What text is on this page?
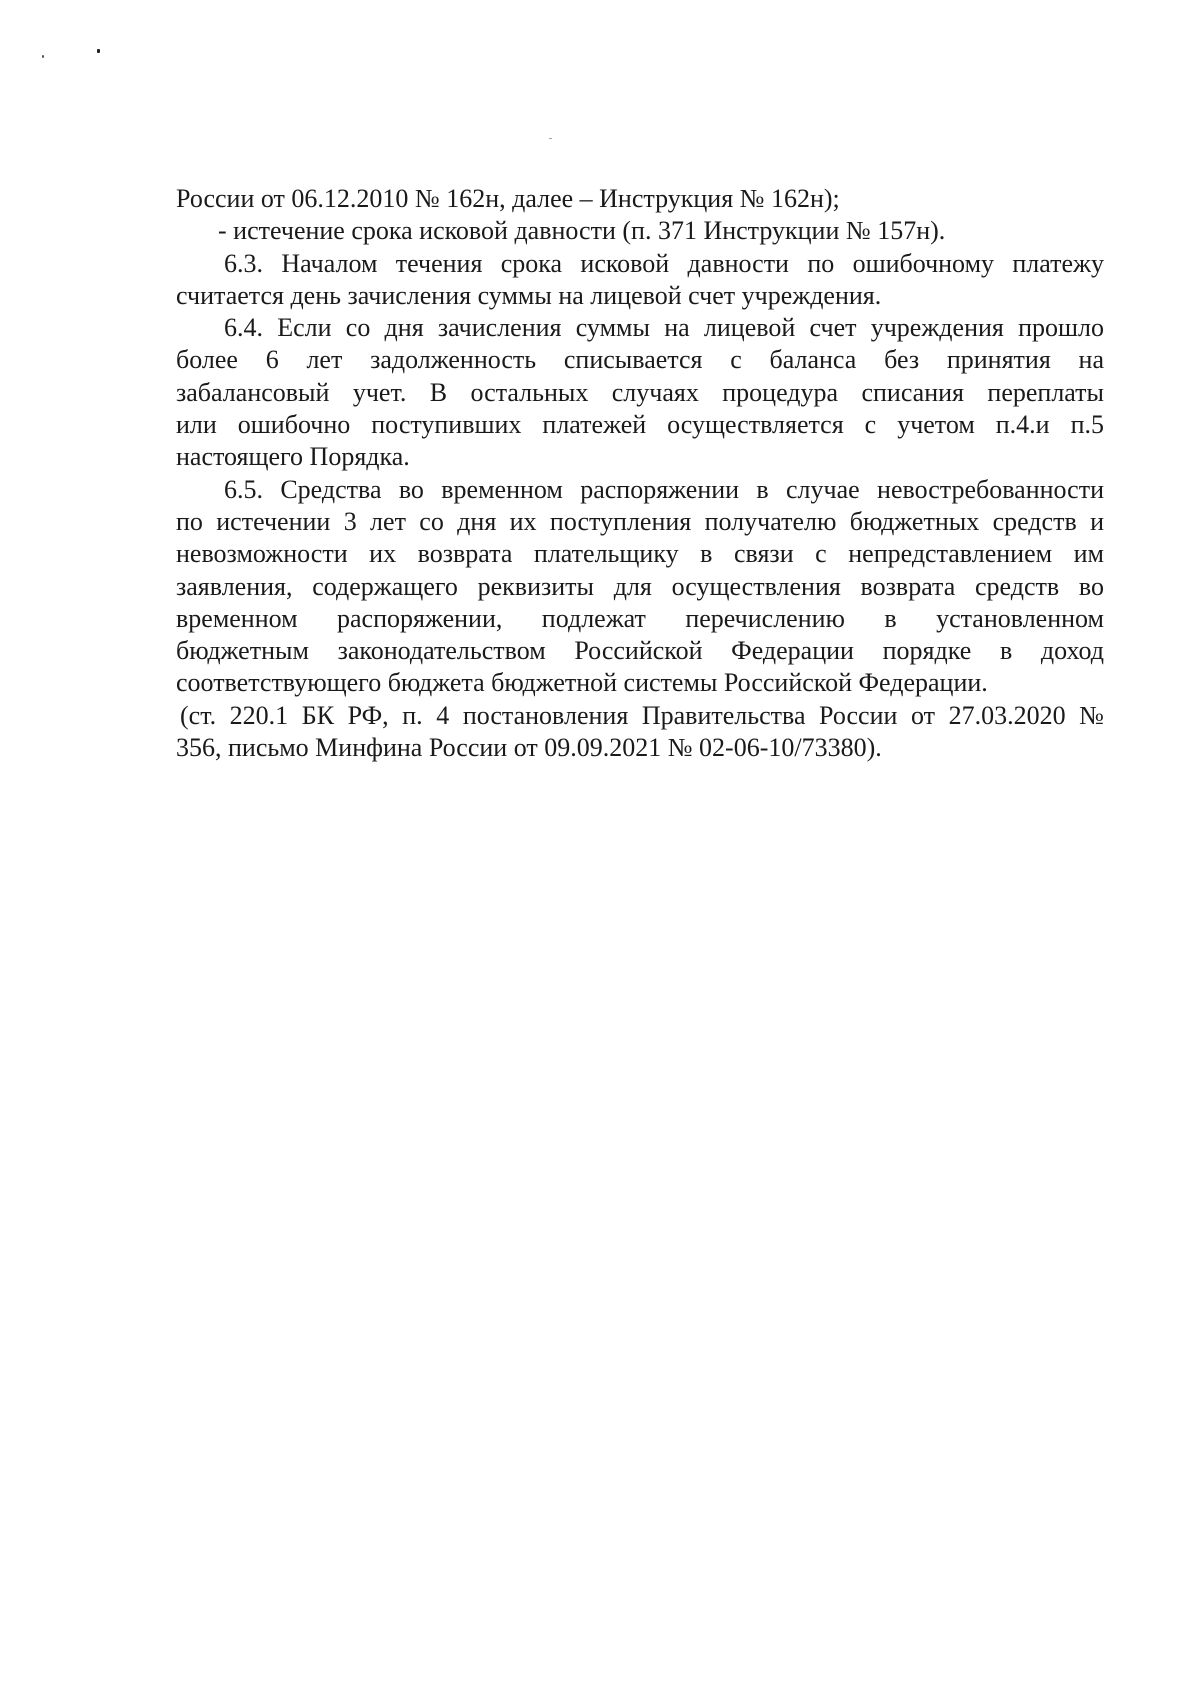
России от 06.12.2010 № 162н, далее – Инструкция № 162н);
- истечение срока исковой давности (п. 371 Инструкции № 157н).
6.3. Началом течения срока исковой давности по ошибочному платежу
считается день зачисления суммы на лицевой счет учреждения.
6.4. Если со дня зачисления суммы на лицевой счет учреждения прошло
более 6 лет задолженность списывается с баланса без принятия на
забалансовый учет. В остальных случаях процедура списания переплаты
или ошибочно поступивших платежей осуществляется с учетом п.4.и п.5
настоящего Порядка.
6.5. Средства во временном распоряжении в случае невостребованности
по истечении 3 лет со дня их поступления получателю бюджетных средств и
невозможности их возврата плательщику в связи с непредставлением им
заявления, содержащего реквизиты для осуществления возврата средств во
временном распоряжении, подлежат перечислению в установленном
бюджетным законодательством Российской Федерации порядке в доход
соответствующего бюджета бюджетной системы Российской Федерации.
(ст. 220.1 БК РФ, п. 4 постановления Правительства России от 27.03.2020 №
356, письмо Минфина России от 09.09.2021 № 02-06-10/73380).
